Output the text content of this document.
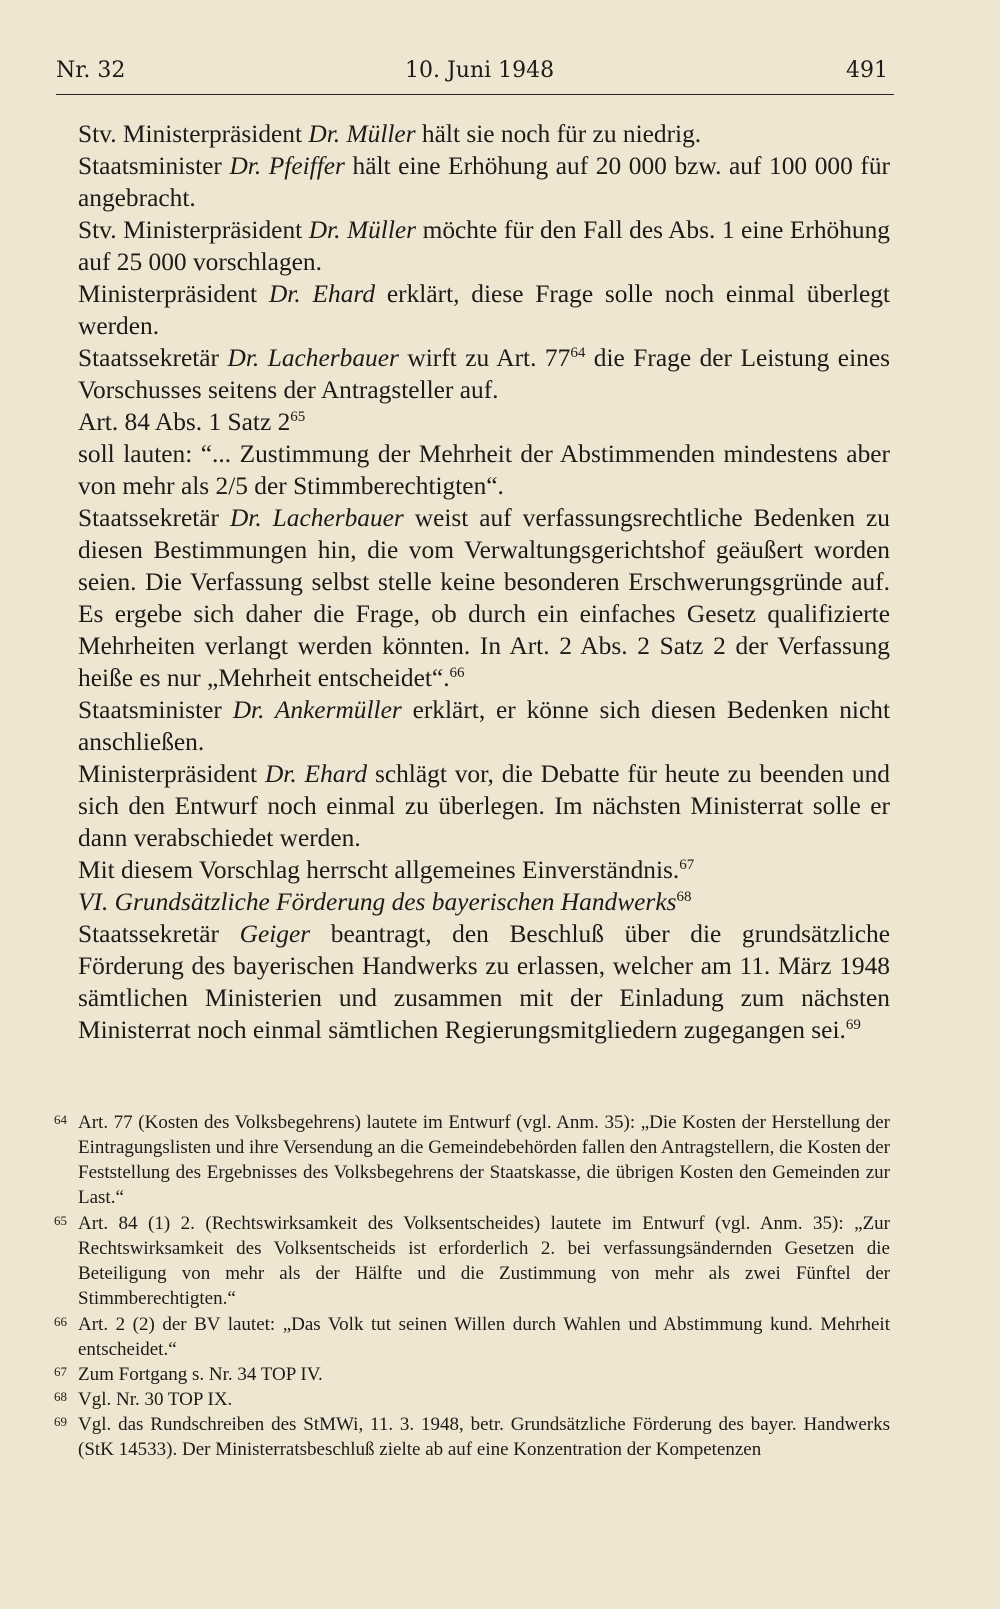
Nr. 32	10. Juni 1948	491

Stv. Ministerpräsident Dr. Müller hält sie noch für zu niedrig.

Staatsminister Dr. Pfeiffer hält eine Erhöhung auf 20 000 bzw. auf 100 000 für angebracht.

Stv. Ministerpräsident Dr. Müller möchte für den Fall des Abs. 1 eine Erhöhung auf 25 000 vorschlagen.

Ministerpräsident Dr. Ehard erklärt, diese Frage solle noch einmal überlegt werden.

Staatssekretär Dr. Lacherbauer wirft zu Art. $77^{64}$ die Frage der Leistung eines Vorschusses seitens der Antragsteller auf.

Art. 84 Abs. 1 Satz $2^{65}$

soll lauten: “... Zustimmung der Mehrheit der Abstimmenden mindestens aber von mehr als 2/5 der Stimmberechtigten“.

Staatssekretär Dr. Lacherbauer weist auf verfassungsrechtliche Bedenken zu diesen Bestimmungen hin, die vom Verwaltungsgerichtshof geäußert worden seien. Die Verfassung selbst stelle keine besonderen Erschwerungsgründe auf. Es ergebe sich daher die Frage, ob durch ein einfaches Gesetz qualifizierte Mehrheiten verlangt werden könnten. In Art. 2 Abs. 2 Satz 2 der Verfassung heiße es nur „Mehrheit entscheidet“.$^{66}$

Staatsminister Dr. Ankermüller erklärt, er könne sich diesen Bedenken nicht anschließen.

Ministerpräsident Dr. Ehard schlägt vor, die Debatte für heute zu beenden und sich den Entwurf noch einmal zu überlegen. Im nächsten Ministerrat solle er dann verabschiedet werden.

Mit diesem Vorschlag herrscht allgemeines Einverständnis.$^{67}$

VI. Grundsätzliche Förderung des bayerischen Handwerks$^{68}$

Staatssekretär Geiger beantragt, den Beschluß über die grundsätzliche Förderung des bayerischen Handwerks zu erlassen, welcher am 11. März 1948 sämtlichen Ministerien und zusammen mit der Einladung zum nächsten Ministerrat noch einmal sämtlichen Regierungsmitgliedern zugegangen sei.$^{69}$

64 Art. 77 (Kosten des Volksbegehrens) lautete im Entwurf (vgl. Anm. 35): „Die Kosten der Herstellung der Eintragungslisten und ihre Versendung an die Gemeindebehörden fallen den Antragstellern, die Kosten der Feststellung des Ergebnisses des Volksbegehrens der Staatskasse, die übrigen Kosten den Gemeinden zur Last.“

65 Art. 84 (1) 2. (Rechtswirksamkeit des Volksentscheides) lautete im Entwurf (vgl. Anm. 35): „Zur Rechtswirksamkeit des Volksentscheids ist erforderlich 2. bei verfassungsändernden Gesetzen die Beteiligung von mehr als der Hälfte und die Zustimmung von mehr als zwei Fünftel der Stimmberechtigten.“

66 Art. 2 (2) der BV lautet: „Das Volk tut seinen Willen durch Wahlen und Abstimmung kund. Mehrheit entscheidet.“

67 Zum Fortgang s. Nr. 34 TOP IV.

68 Vgl. Nr. 30 TOP IX.

69 Vgl. das Rundschreiben des StMWi, 11. 3. 1948, betr. Grundsätzliche Förderung des bayer. Handwerks (StK 14533). Der Ministerratsbeschluß zielte ab auf eine Konzentration der Kompetenzen
